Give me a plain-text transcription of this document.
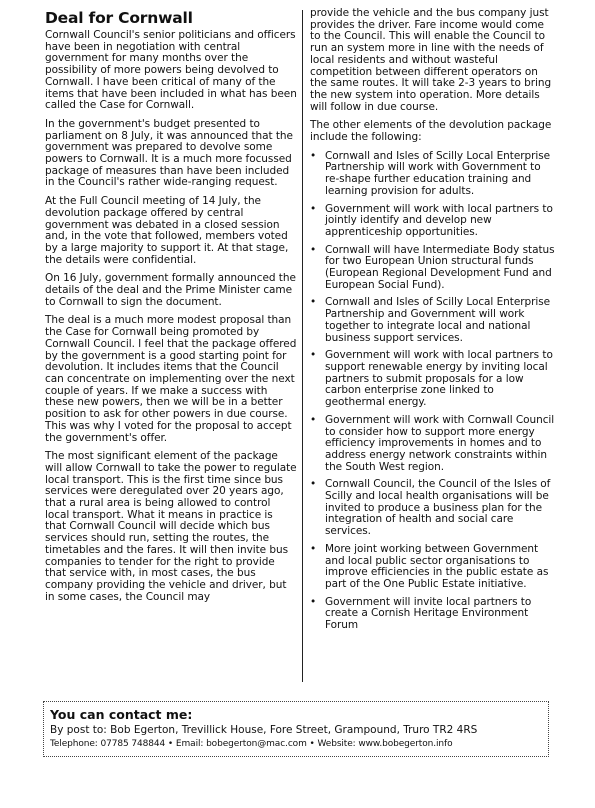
Deal for Cornwall

Cornwall Council's senior politicians and officers have been in negotiation with central government for many months over the possibility of more powers being devolved to Cornwall. I have been critical of many of the items that have been included in what has been called the Case for Cornwall.

In the government's budget presented to parliament on 8 July, it was announced that the government was prepared to devolve some powers to Cornwall. It is a much more focussed package of measures than have been included in the Council's rather wide-ranging request.

At the Full Council meeting of 14 July, the devolution package offered by central government was debated in a closed session and, in the vote that followed, members voted by a large majority to support it. At that stage, the details were confidential.

On 16 July, government formally announced the details of the deal and the Prime Minister came to Cornwall to sign the document.

The deal is a much more modest proposal than the Case for Cornwall being promoted by Cornwall Council. I feel that the package offered by the government is a good starting point for devolution. It includes items that the Council can concentrate on implementing over the next couple of years. If we make a success with these new powers, then we will be in a better position to ask for other powers in due course. This was why I voted for the proposal to accept the government's offer.

The most significant element of the package will allow Cornwall to take the power to regulate local transport. This is the first time since bus services were deregulated over 20 years ago, that a rural area is being allowed to control local transport. What it means in practice is that Cornwall Council will decide which bus services should run, setting the routes, the timetables and the fares. It will then invite bus companies to tender for the right to provide that service with, in most cases, the bus company providing the vehicle and driver, but in some cases, the Council may

provide the vehicle and the bus company just provides the driver. Fare income would come to the Council. This will enable the Council to run an system more in line with the needs of local residents and without wasteful competition between different operators on the same routes. It will take 2-3 years to bring the new system into operation. More details will follow in due course.

The other elements of the devolution package include the following:

• Cornwall and Isles of Scilly Local Enterprise Partnership will work with Government to re-shape further education training and learning provision for adults.
• Government will work with local partners to jointly identify and develop new apprenticeship opportunities.
• Cornwall will have Intermediate Body status for two European Union structural funds (European Regional Development Fund and European Social Fund).
• Cornwall and Isles of Scilly Local Enterprise Partnership and Government will work together to integrate local and national business support services.
• Government will work with local partners to support renewable energy by inviting local partners to submit proposals for a low carbon enterprise zone linked to geothermal energy.
• Government will work with Cornwall Council to consider how to support more energy efficiency improvements in homes and to address energy network constraints within the South West region.
• Cornwall Council, the Council of the Isles of Scilly and local health organisations will be invited to produce a business plan for the integration of health and social care services.
• More joint working between Government and local public sector organisations to improve efficiencies in the public estate as part of the One Public Estate initiative.
• Government will invite local partners to create a Cornish Heritage Environment Forum
You can contact me:
By post to: Bob Egerton, Trevillick House, Fore Street, Grampound, Truro TR2 4RS
Telephone: 07785 748844 • Email: bobegerton@mac.com • Website: www.bobegerton.info
